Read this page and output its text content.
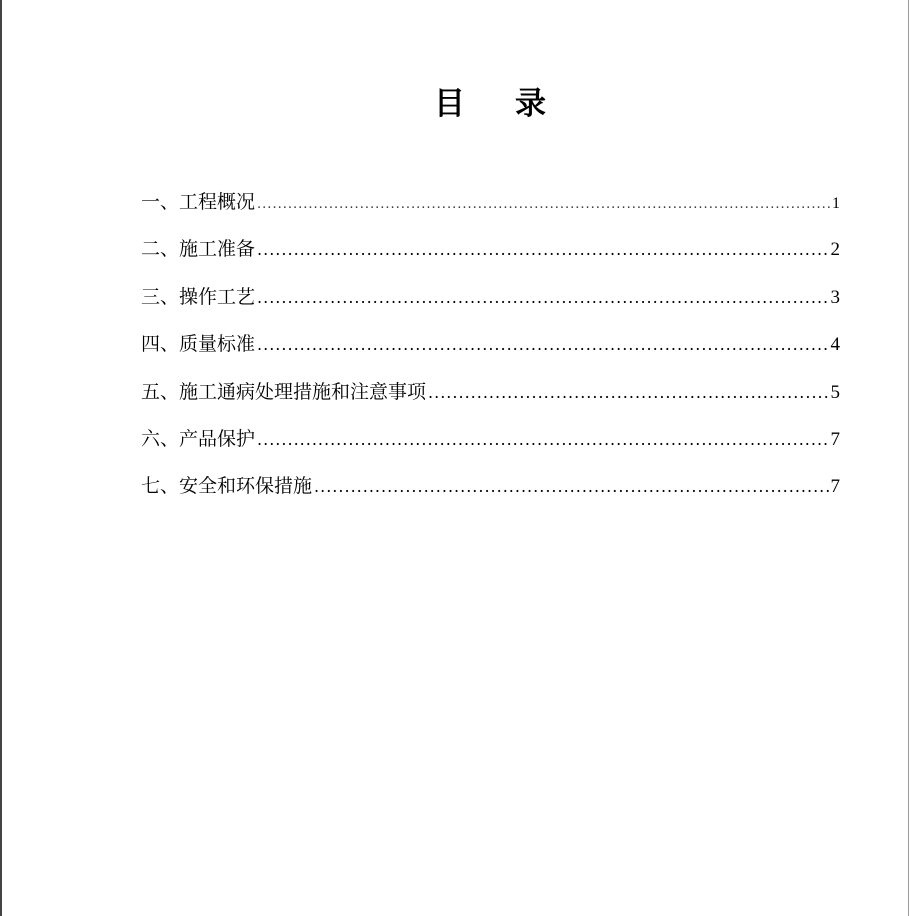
目 录
一 、 工程概况 .....	1
二 、 施工准备 .....	2
三 、 操作工艺 .....	3
四 、 质量标准 .....	4
五 、 施工通病处理措施和注意事项 .....	5
六 、 产品保护 .....	7
七 、 安全和环保措施 .....	7
